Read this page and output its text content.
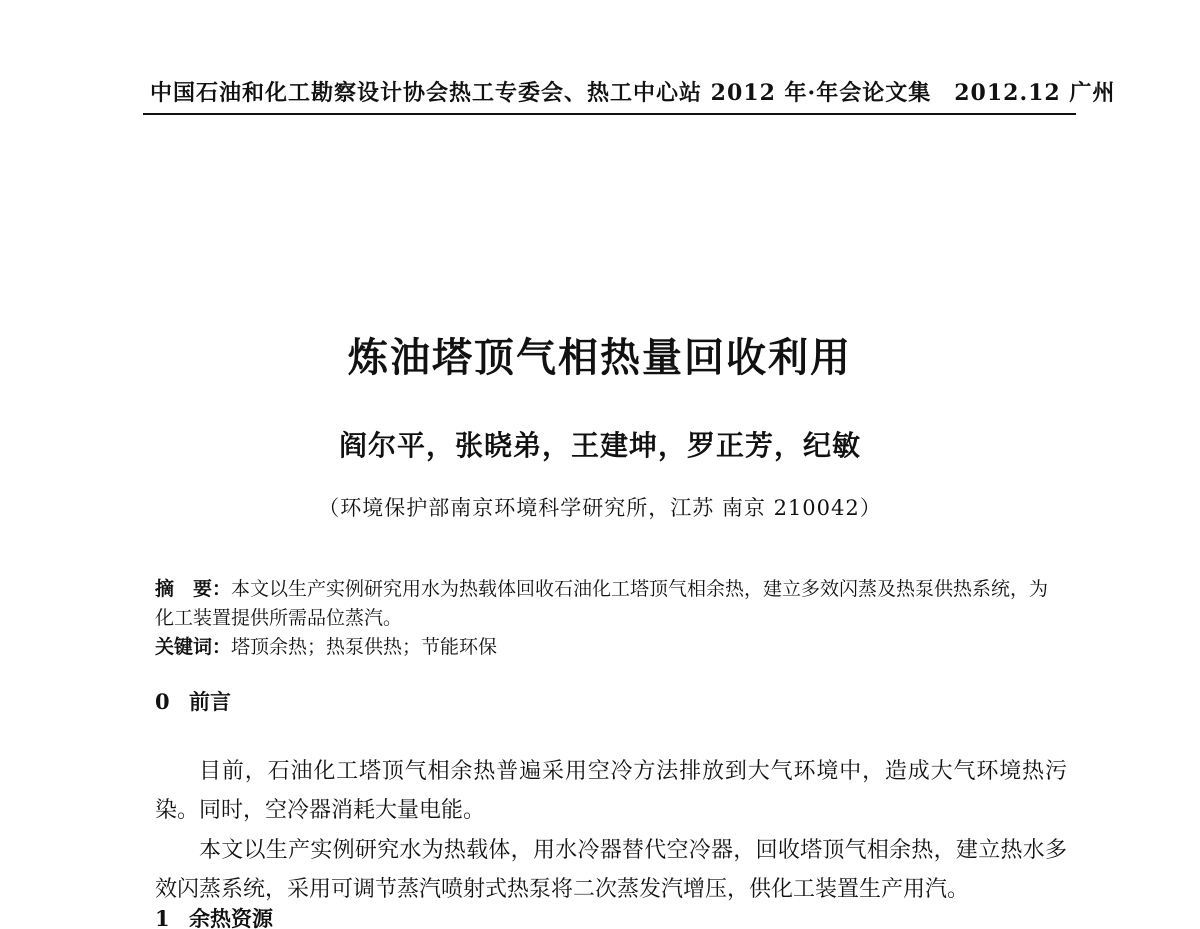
中国石油和化工勘察设计协会热工专委会、热工中心站 2012 年·年会论文集　2012.12 广州
炼油塔顶气相热量回收利用
阎尔平，张晓弟，王建坤，罗正芳，纪敏
（环境保护部南京环境科学研究所，江苏 南京 210042）
摘　要：本文以生产实例研究用水为热载体回收石油化工塔顶气相余热，建立多效闪蒸及热泵供热系统，为化工装置提供所需品位蒸汽。
关键词：塔顶余热；热泵供热；节能环保
0 前言

目前，石油化工塔顶气相余热普遍采用空冷方法排放到大气环境中，造成大气环境热污染。同时，空冷器消耗大量电能。

本文以生产实例研究水为热载体，用水冷器替代空冷器，回收塔顶气相余热，建立热水多效闪蒸系统，采用可调节蒸汽喷射式热泵将二次蒸发汽增压，供化工装置生产用汽。

1 余热资源
